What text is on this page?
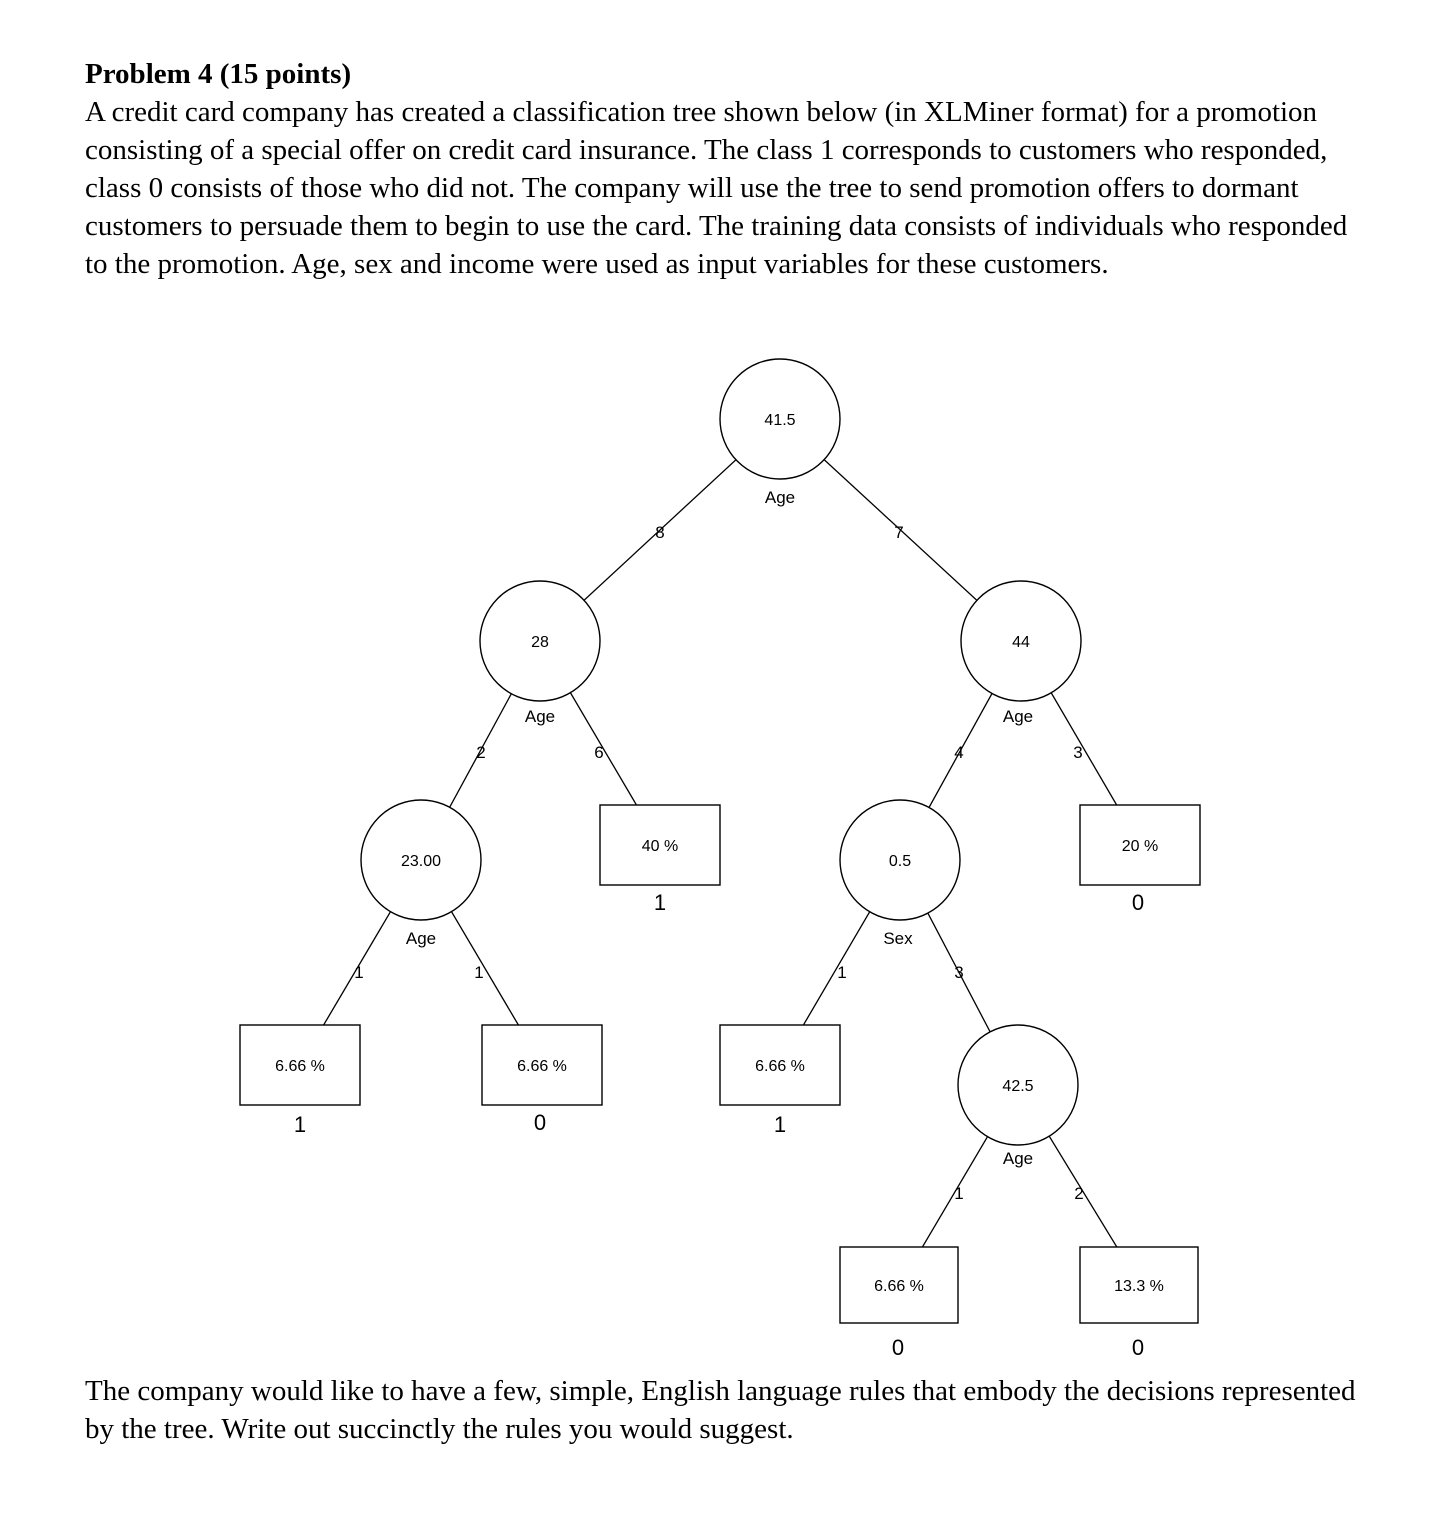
Problem 4 (15 points)
A credit card company has created a classification tree shown below (in XLMiner format) for a promotion consisting of a special offer on credit card insurance. The class 1 corresponds to customers who responded, class 0 consists of those who did not. The company will use the tree to send promotion offers to dormant customers to persuade them to begin to use the card. The training data consists of individuals who responded to the promotion. Age, sex and income were used as input variables for these customers.
41.5
28	44
23.00	0.5
42.5
Age
Age	Age
Age	Sex
Age
8	7
2	6	4	3
1	1	1	3
1	2
40 %	20 %
6.66 %	6.66 %	6.66 %
6.66 %	13.3 %
1	0
1	0	1
0	0
The company would like to have a few, simple, English language rules that embody the decisions represented by the tree. Write out succinctly the rules you would suggest.
